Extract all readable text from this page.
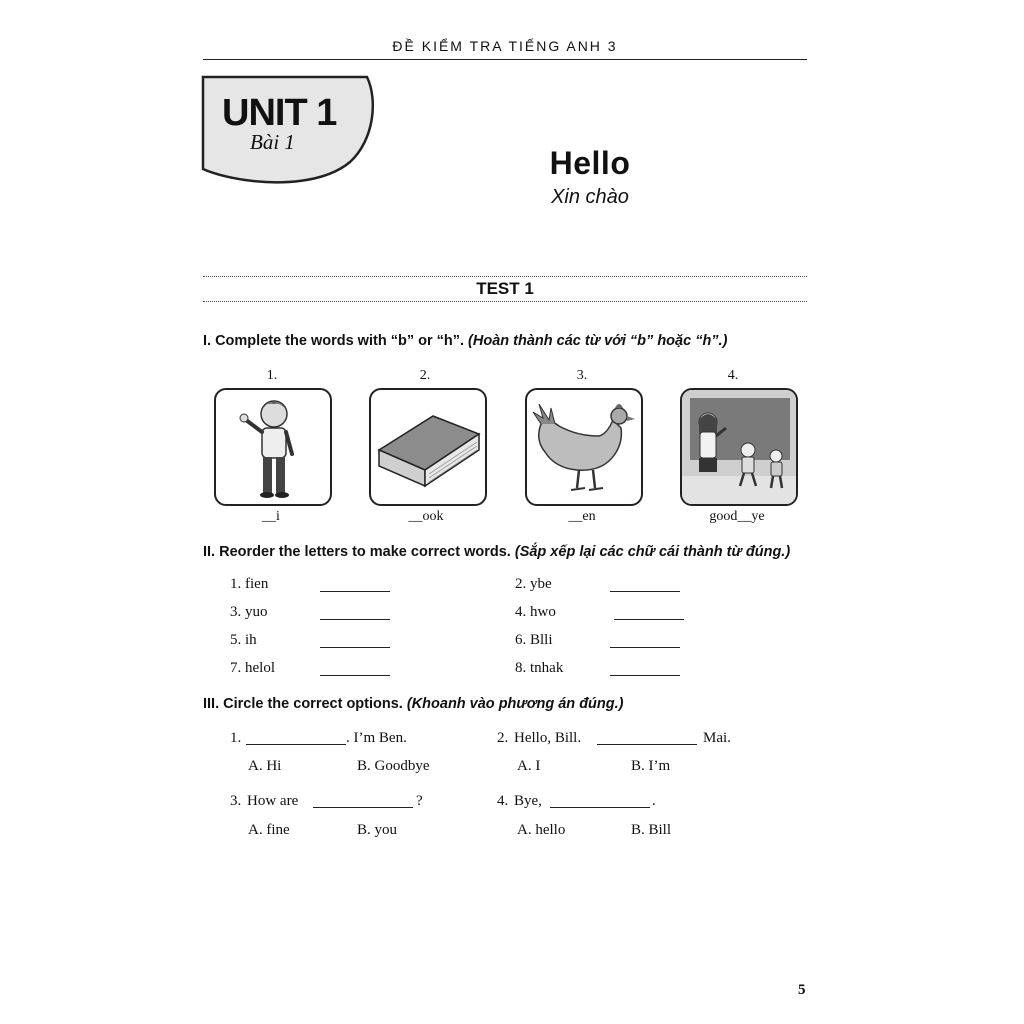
ĐỀ KIỂM TRA TIẾNG ANH 3
UNIT 1
Bài 1
Hello
Xin chào
TEST 1
I. Complete the words with “b” or “h”. (Hoàn thành các từ với “b” hoặc “h”.)
1.	2.	3.	4.
__i	__ook	__en	good__ye
II. Reorder the letters to make correct words. (Sắp xếp lại các chữ cái thành từ đúng.)
1. fien	2. ybe
3. yuo	4. hwo
5. ih	6. Blli
7. helol	8. tnhak
III. Circle the correct options. (Khoanh vào phương án đúng.)
1.	. I’m Ben.
A. Hi	B. Goodbye
2. Hello, Bill.	Mai.
A. I	B. I’m
3. How are	?
A. fine	B. you
4. Bye,	.
A. hello	B. Bill
5
